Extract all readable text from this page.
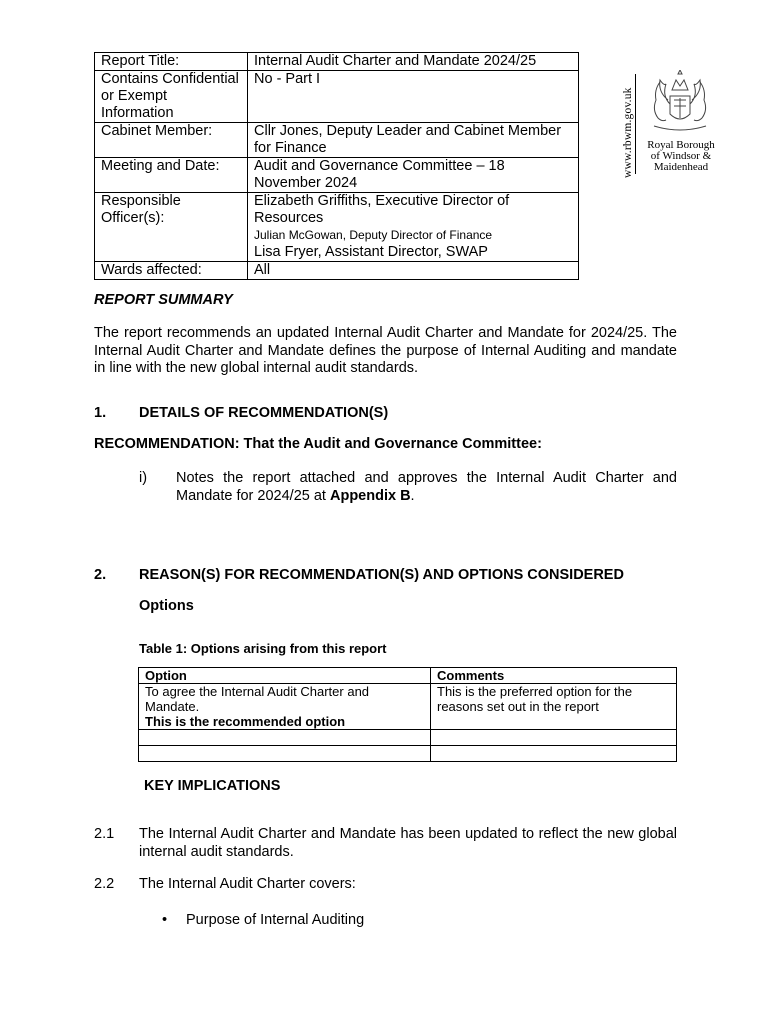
Report Title:	Internal Audit Charter and Mandate 2024/25
Contains Confidential or Exempt Information	No - Part I
Cabinet Member:	Cllr Jones, Deputy Leader and Cabinet Member for Finance
Meeting and Date:	Audit and Governance Committee – 18 November 2024
Responsible Officer(s):	Elizabeth Griffiths, Executive Director of Resources
Julian McGowan, Deputy Director of Finance
Lisa Fryer, Assistant Director, SWAP

Wards affected:	All
www.rbwm.gov.uk	Royal Borough
of Windsor &
Maidenhead
REPORT SUMMARY
The report recommends an updated Internal Audit Charter and Mandate for 2024/25. The Internal Audit Charter and Mandate defines the purpose of Internal Auditing and mandate in line with the new global internal audit standards.
1. DETAILS OF RECOMMENDATION(S)
RECOMMENDATION: That the Audit and Governance Committee:
i) Notes the report attached and approves the Internal Audit Charter and Mandate for 2024/25 at Appendix B.
2. REASON(S) FOR RECOMMENDATION(S) AND OPTIONS CONSIDERED
Options
Table 1: Options arising from this report
Option	Comments

To agree the Internal Audit Charter and Mandate.
This is the recommended option	This is the preferred option for the reasons set out in the report

KEY IMPLICATIONS
2.1 The Internal Audit Charter and Mandate has been updated to reflect the new global internal audit standards.
2.2 The Internal Audit Charter covers:
• Purpose of Internal Auditing
